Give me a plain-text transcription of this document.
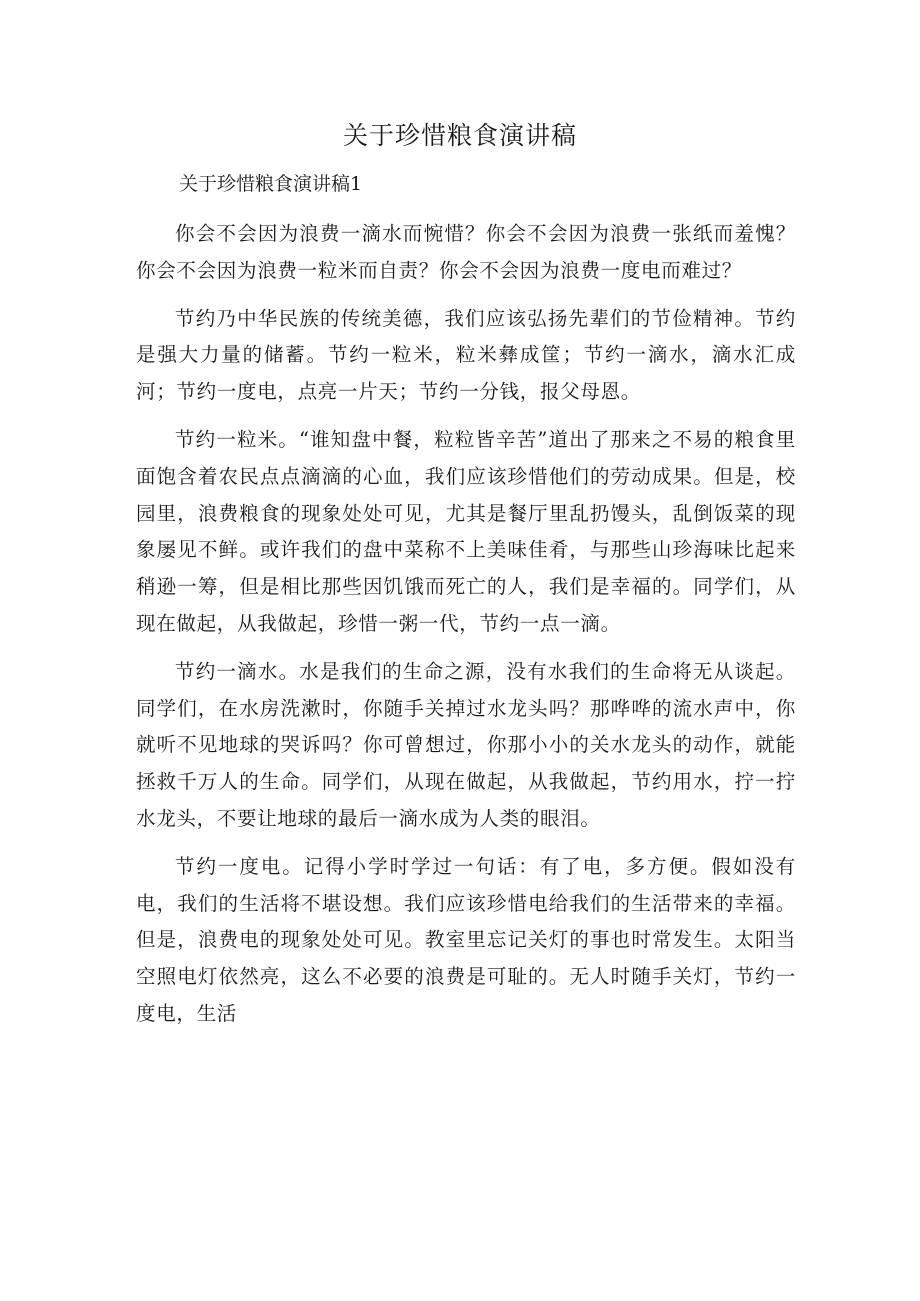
关于珍惜粮食演讲稿
关于珍惜粮食演讲稿1

你会不会因为浪费一滴水而惋惜？你会不会因为浪费一张纸而羞愧？你会不会因为浪费一粒米而自责？你会不会因为浪费一度电而难过？

节约乃中华民族的传统美德，我们应该弘扬先辈们的节俭精神。节约是强大力量的储蓄。节约一粒米，粒米彝成筐；节约一滴水，滴水汇成河；节约一度电，点亮一片天；节约一分钱，报父母恩。

节约一粒米。“谁知盘中餐，粒粒皆辛苦”道出了那来之不易的粮食里面饱含着农民点点滴滴的心血，我们应该珍惜他们的劳动成果。但是，校园里，浪费粮食的现象处处可见，尤其是餐厅里乱扔馒头，乱倒饭菜的现象屡见不鲜。或许我们的盘中菜称不上美味佳肴，与那些山珍海味比起来稍逊一筹，但是相比那些因饥饿而死亡的人，我们是幸福的。同学们，从现在做起，从我做起，珍惜一粥一代，节约一点一滴。

节约一滴水。水是我们的生命之源，没有水我们的生命将无从谈起。同学们，在水房洗漱时，你随手关掉过水龙头吗？那哗哗的流水声中，你就听不见地球的哭诉吗？你可曾想过，你那小小的关水龙头的动作，就能拯救千万人的生命。同学们，从现在做起，从我做起，节约用水，拧一拧水龙头，不要让地球的最后一滴水成为人类的眼泪。

节约一度电。记得小学时学过一句话：有了电，多方便。假如没有电，我们的生活将不堪设想。我们应该珍惜电给我们的生活带来的幸福。但是，浪费电的现象处处可见。教室里忘记关灯的事也时常发生。太阳当空照电灯依然亮，这么不必要的浪费是可耻的。无人时随手关灯，节约一度电，生活
